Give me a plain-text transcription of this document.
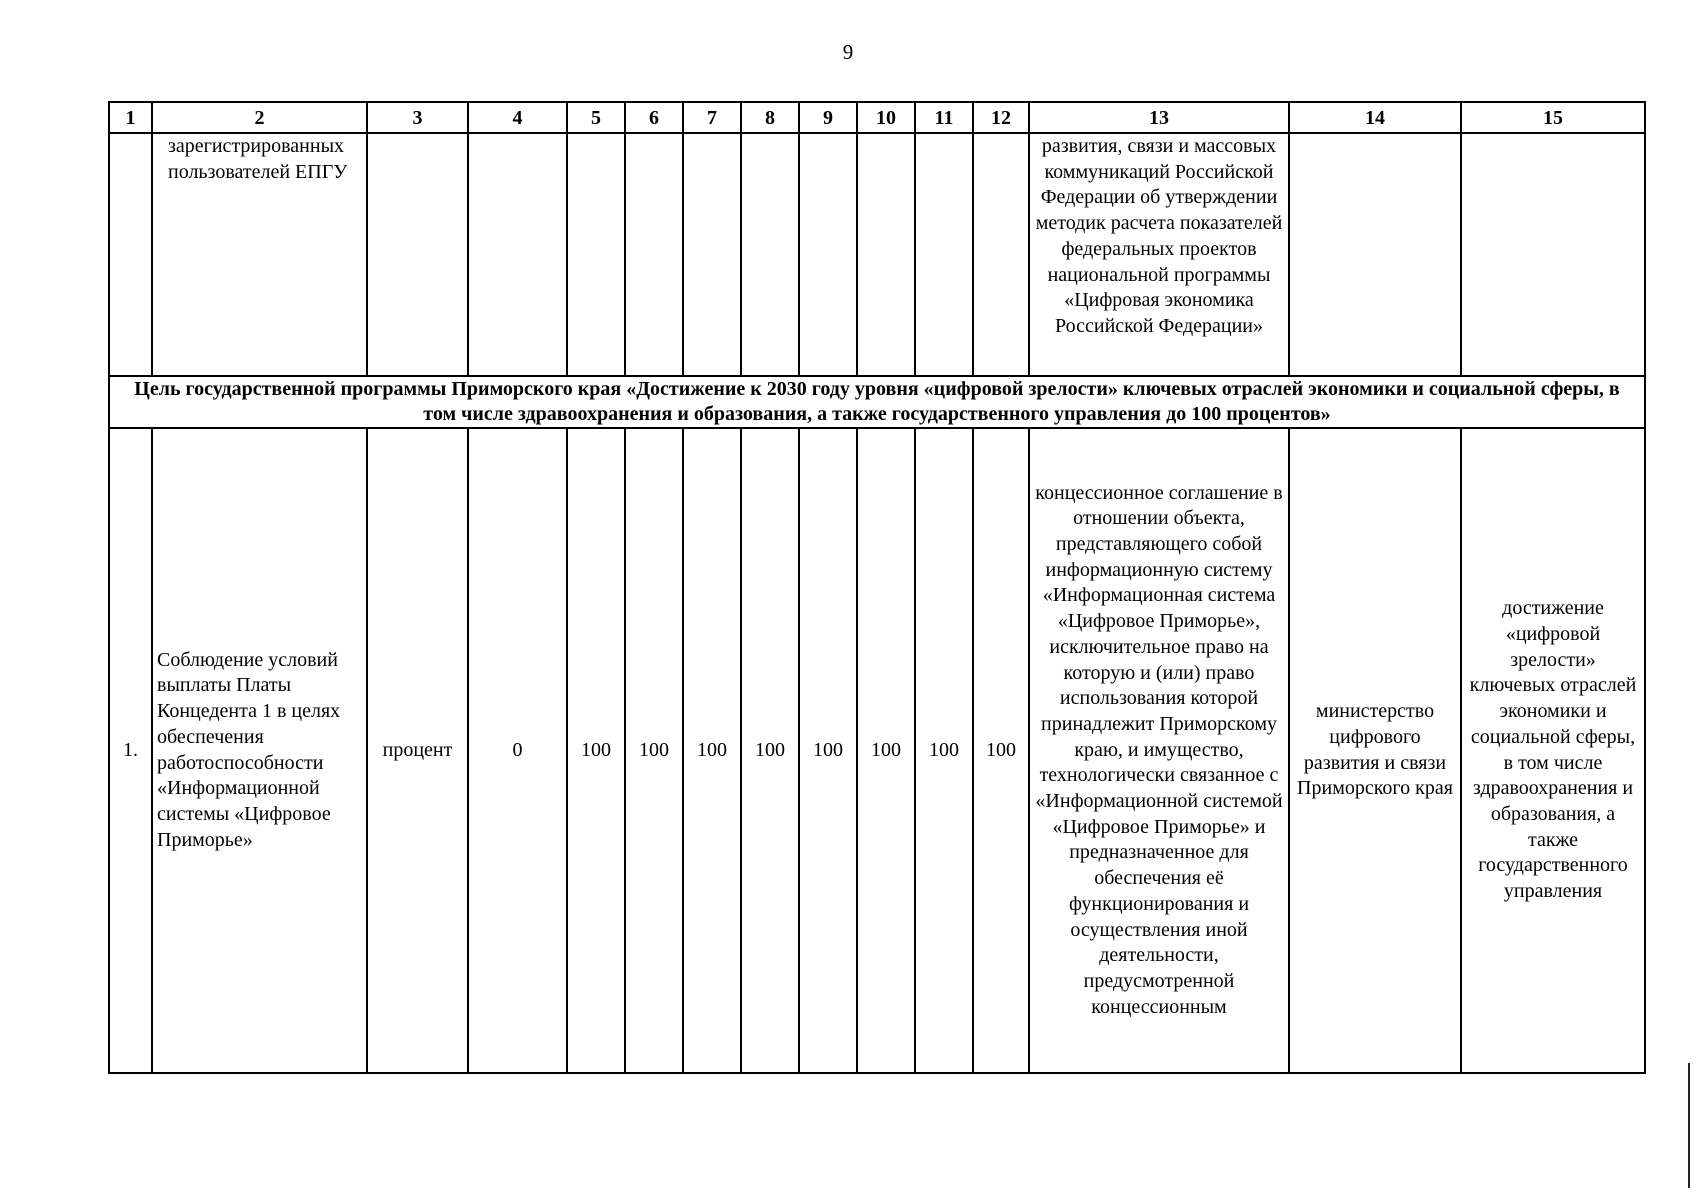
9
1	2	3	4	5	6	7	8	9	10	11	12	13	14	15
	зарегистрированных пользователей ЕПГУ											развития, связи и массовых коммуникаций Российской Федерации об утверждении методик расчета показателей федеральных проектов национальной программы «Цифровая экономика Российской Федерации»		
Цель государственной программы Приморского края «Достижение к 2030 году уровня «цифровой зрелости» ключевых отраслей экономики и социальной сферы, в том числе здравоохранения и образования, а также государственного управления до 100 процентов»														
1.	Соблюдение условий выплаты Платы Концедента 1 в целях обеспечения работоспособности «Информационной системы «Цифровое Приморье»	процент	0	100	100	100	100	100	100	100	100	концессионное соглашение в отношении объекта, представляющего собой информационную систему «Информационная система «Цифровое Приморье», исключительное право на которую и (или) право использования которой принадлежит Приморскому краю, и имущество, технологически связанное с «Информационной системой «Цифровое Приморье» и предназначенное для обеспечения её функционирования и осуществления иной деятельности, предусмотренной концессионным	министерство цифрового развития и связи Приморского края	достижение «цифровой зрелости» ключевых отраслей экономики и социальной сферы, в том числе здравоохранения и образования, а также государственного управления
